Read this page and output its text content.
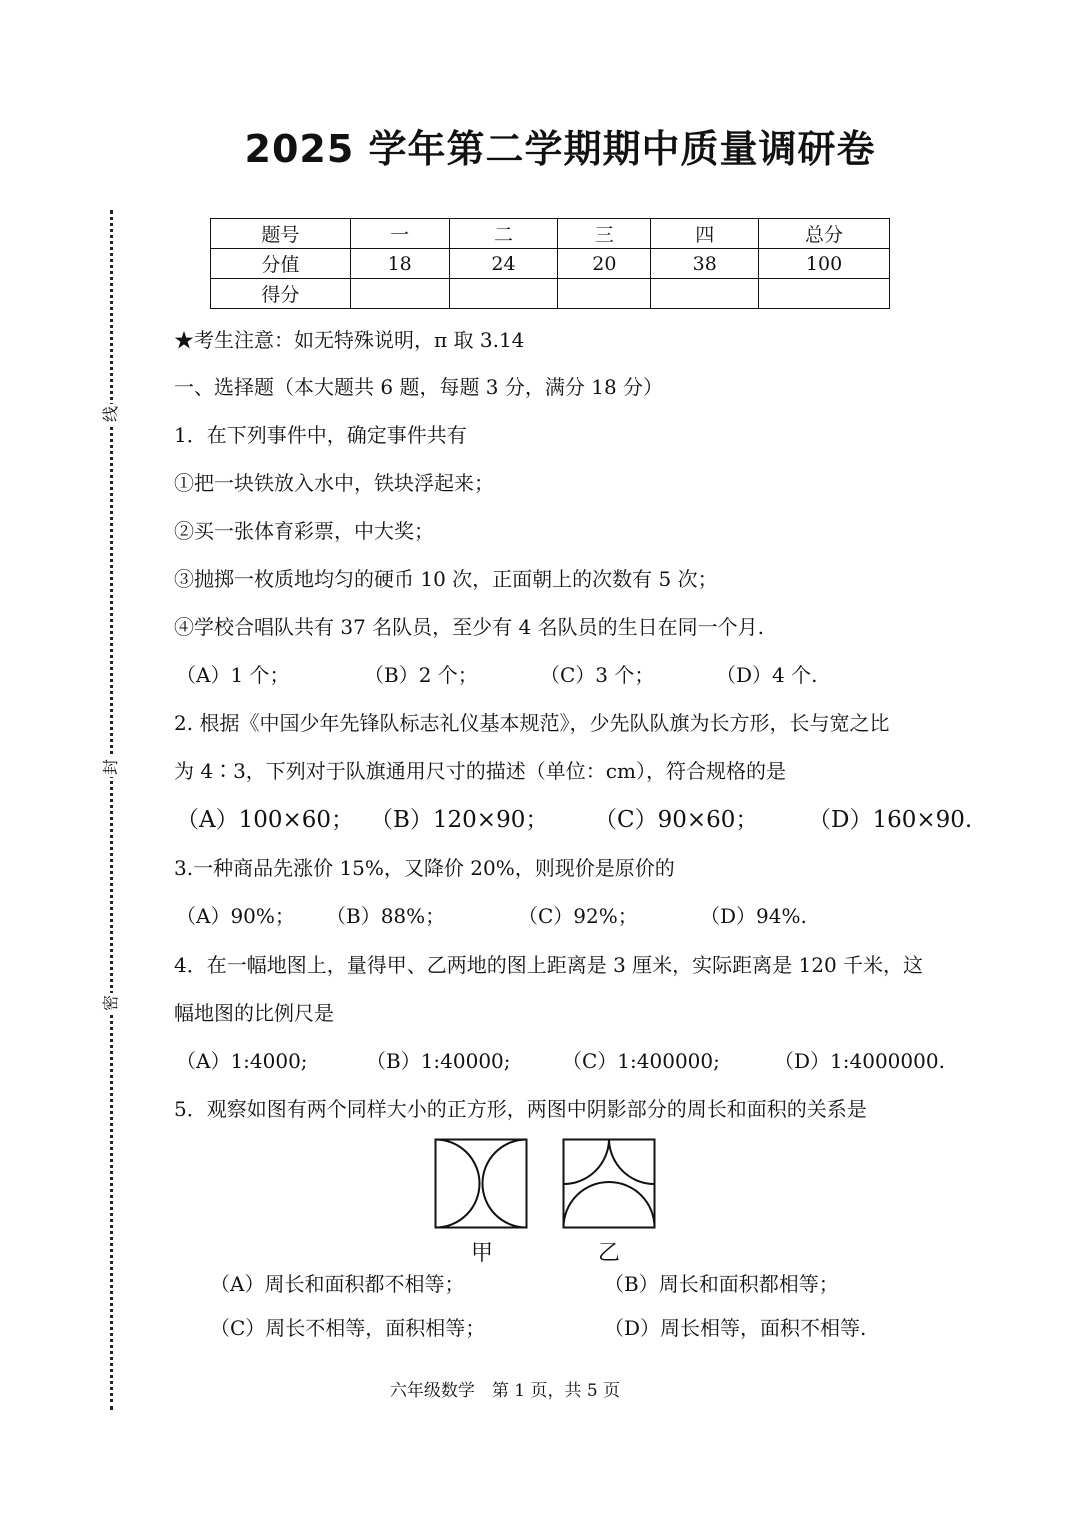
线
封
密
2025 学年第二学期期中质量调研卷
题号	一	二	三	四	总分
分值	18	24	20	38	100
得分					
★考生注意：如无特殊说明，π 取 3.14
一、选择题（本大题共 6 题，每题 3 分，满分 18 分）
1．在下列事件中，确定事件共有
①把一块铁放入水中，铁块浮起来；
②买一张体育彩票，中大奖；
③抛掷一枚质地均匀的硬币 10 次，正面朝上的次数有 5 次；
④学校合唱队共有 37 名队员，至少有 4 名队员的生日在同一个月.
（A）1 个；	（B）2 个；	（C）3 个；	（D）4 个.
2. 根据《中国少年先锋队标志礼仪基本规范》，少先队队旗为长方形，长与宽之比
为 4∶3，下列对于队旗通用尺寸的描述（单位：cm），符合规格的是
（A）100×60； （B）120×90； （C）90×60； （D）160×90.
3.一种商品先涨价 15%，又降价 20%，则现价是原价的
（A）90%； （B）88%；	（C）92%；	（D）94%.
4．在一幅地图上，量得甲、乙两地的图上距离是 3 厘米，实际距离是 120 千米，这
幅地图的比例尺是
（A）1:4000;	（B）1:40000;	（C）1:400000;	（D）1:4000000.
5．观察如图有两个同样大小的正方形，两图中阴影部分的周长和面积的关系是
甲	乙
（A）周长和面积都不相等；	（B）周长和面积都相等；
（C）周长不相等，面积相等；	（D）周长相等，面积不相等.
六年级数学　第 1 页，共 5 页
